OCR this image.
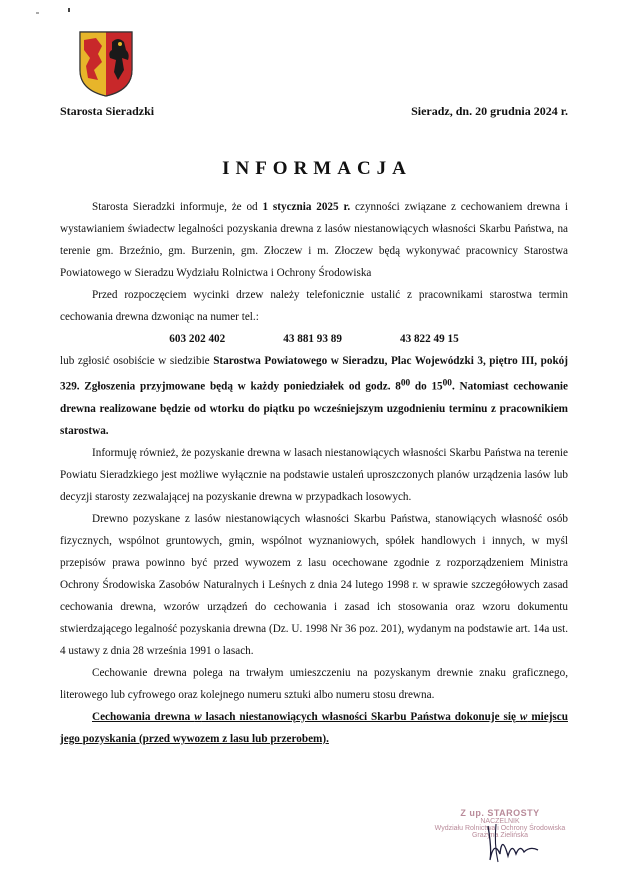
Starosta Sieradzki	Sieradz, dn. 20 grudnia 2024 r.
INFORMACJA

Starosta Sieradzki informuje, że od 1 stycznia 2025 r. czynności związane z cechowaniem drewna i wystawianiem świadectw legalności pozyskania drewna z lasów niestanowiących własności Skarbu Państwa, na terenie gm. Brzeźnio, gm. Burzenin, gm. Złoczew i m. Złoczew będą wykonywać pracownicy Starostwa Powiatowego w Sieradzu Wydziału Rolnictwa i Ochrony Środowiska

Przed rozpoczęciem wycinki drzew należy telefonicznie ustalić z pracownikami starostwa termin cechowania drewna dzwoniąc na numer tel.:

603 202 402	43 881 93 89	43 822 49 15

lub zgłosić osobiście w siedzibie Starostwa Powiatowego w Sieradzu, Plac Wojewódzki 3, piętro III, pokój 329. Zgłoszenia przyjmowane będą w każdy poniedziałek od godz. $8^{00}$ do $15^{00}$. Natomiast cechowanie drewna realizowane będzie od wtorku do piątku po wcześniejszym uzgodnieniu terminu z pracownikiem starostwa.

Informuję również, że pozyskanie drewna w lasach niestanowiących własności Skarbu Państwa na terenie Powiatu Sieradzkiego jest możliwe wyłącznie na podstawie ustaleń uproszczonych planów urządzenia lasów lub decyzji starosty zezwalającej na pozyskanie drewna w przypadkach losowych.

Drewno pozyskane z lasów niestanowiących własności Skarbu Państwa, stanowiących własność osób fizycznych, wspólnot gruntowych, gmin, wspólnot wyznaniowych, spółek handlowych i innych, w myśl przepisów prawa powinno być przed wywozem z lasu ocechowane zgodnie z rozporządzeniem Ministra Ochrony Środowiska Zasobów Naturalnych i Leśnych z dnia 24 lutego 1998 r. w sprawie szczegółowych zasad cechowania drewna, wzorów urządzeń do cechowania i zasad ich stosowania oraz wzoru dokumentu stwierdzającego legalność pozyskania drewna (Dz. U. 1998 Nr 36 poz. 201), wydanym na podstawie art. 14a ust. 4 ustawy z dnia 28 września 1991 o lasach.

Cechowanie drewna polega na trwałym umieszczeniu na pozyskanym drewnie znaku graficznego, literowego lub cyfrowego oraz kolejnego numeru sztuki albo numeru stosu drewna.

Cechowania drewna w lasach niestanowiących własności Skarbu Państwa dokonuje się w miejscu jego pozyskania (przed wywozem z lasu lub przerobem).

Z up. STAROSTY
NACZELNIK
Wydziału Rolnictwa i Ochrony Środowiska
Grażyna Zielińska
